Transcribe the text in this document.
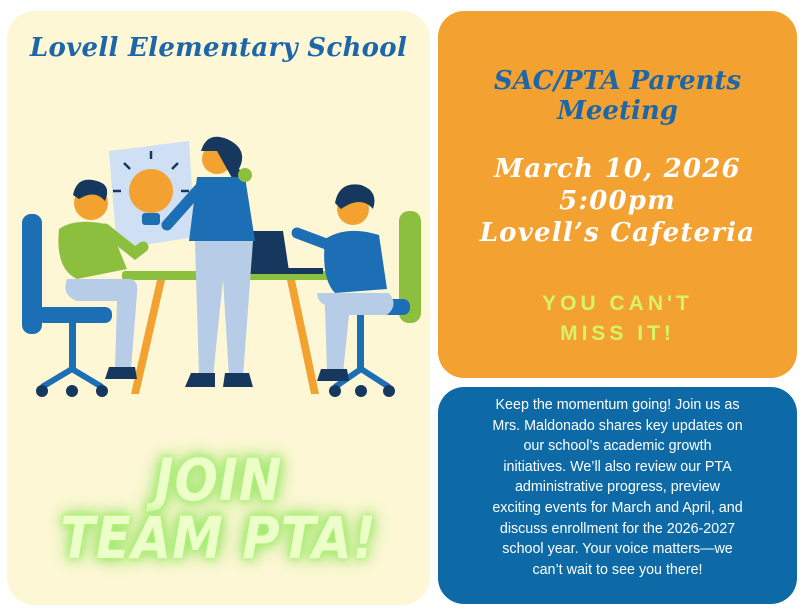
Lovell Elementary School
JOIN
TEAM PTA!
SAC/PTA Parents
Meeting
March 10, 2026
5:00pm
Lovell’s Cafeteria
YOU CAN'T
MISS IT!
Keep the momentum going! Join us as
Mrs. Maldonado shares key updates on
our school’s academic growth
initiatives. We’ll also review our PTA
administrative progress, preview
exciting events for March and April, and
discuss enrollment for the 2026-2027
school year. Your voice matters—we
can’t wait to see you there!
